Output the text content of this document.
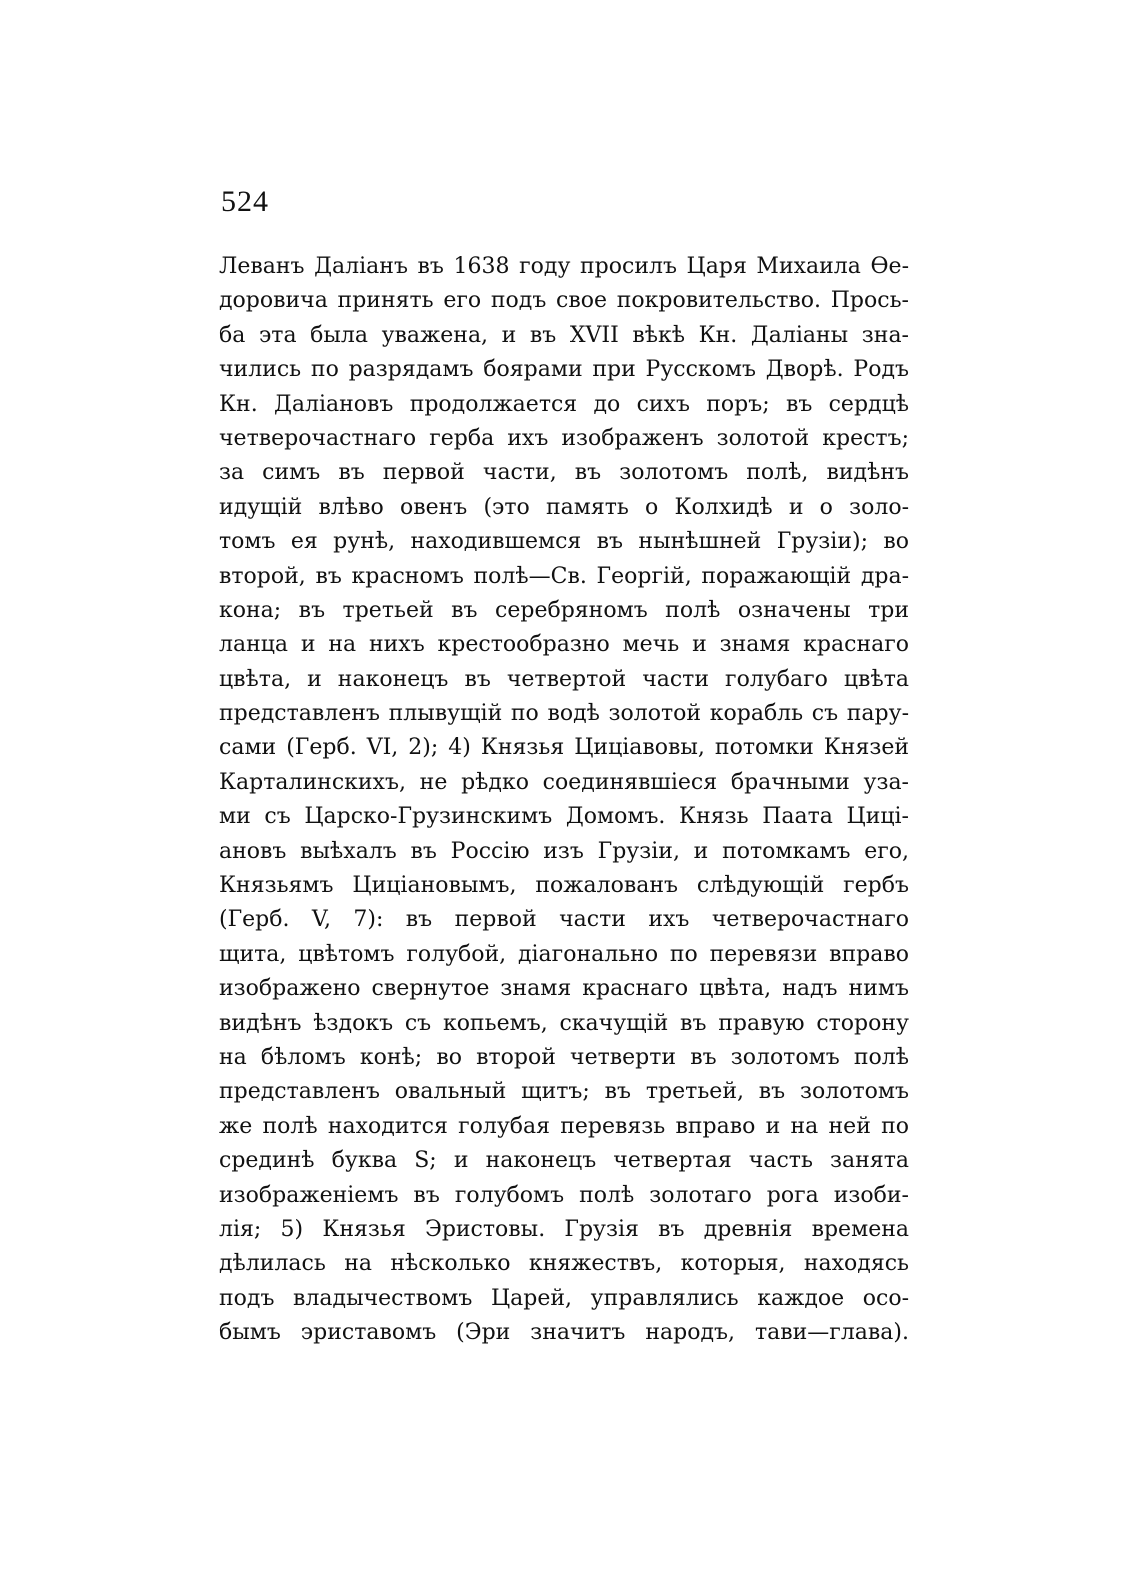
524
Леванъ Даліанъ въ 1638 году просилъ Царя Михаила Ѳе-
доровича принять его подъ свое покровительство. Прось-
ба эта была уважена, и въ XVII вѣкѣ Кн. Даліаны зна-
чились по разрядамъ боярами при Русскомъ Дворѣ. Родъ
Кн. Даліановъ продолжается до сихъ поръ; въ сердцѣ
четверочастнаго герба ихъ изображенъ золотой крестъ;
за симъ въ первой части, въ золотомъ полѣ, видѣнъ
идущій влѣво овенъ (это память о Колхидѣ и о золо-
томъ ея рунѣ, находившемся въ нынѣшней Грузіи); во
второй, въ красномъ полѣ—Св. Георгій, поражающій дра-
кона; въ третьей въ серебряномъ полѣ означены три
ланца и на нихъ крестообразно мечь и знамя краснаго
цвѣта, и наконецъ въ четвертой части голубаго цвѣта
представленъ плывущій по водѣ золотой корабль съ пару-
сами (Герб. VI, 2); 4) Князья Цицiавовы, потомки Князей
Карталинскихъ, не рѣдко соединявшіеся брачными узa-
ми съ Царско-Грузинскимъ Домомъ. Князь Паата Циці-
ановъ выѣхалъ въ Россію изъ Грузіи, и потомкамъ его,
Князьямъ Цицiановымъ, пожалованъ слѣдующій гербъ
(Герб. V, 7): въ первой части ихъ четверочастнаго
щита, цвѣтомъ голубой, діагонально по перевязи вправо
изображено свернутое знамя краснаго цвѣта, надъ нимъ
видѣнъ ѣздокъ съ копьемъ, скачущій въ правую сторону
на бѣломъ конѣ; во второй четверти въ золотомъ полѣ
представленъ овальный щитъ; въ третьей, въ золотомъ
же полѣ находится голубая перевязь вправо и на ней по
срединѣ буква S; и наконецъ четвертая часть занята
изображеніемъ въ голубомъ полѣ золотаго рога изоби-
лія; 5) Князья Эристовы. Грузія въ древнія времена
дѣлилась на нѣсколько княжествъ, которыя, находясь
подъ владычествомъ Царей, управлялись каждое осо-
бымъ эриставомъ (Эри значитъ народъ, тави—глава).
